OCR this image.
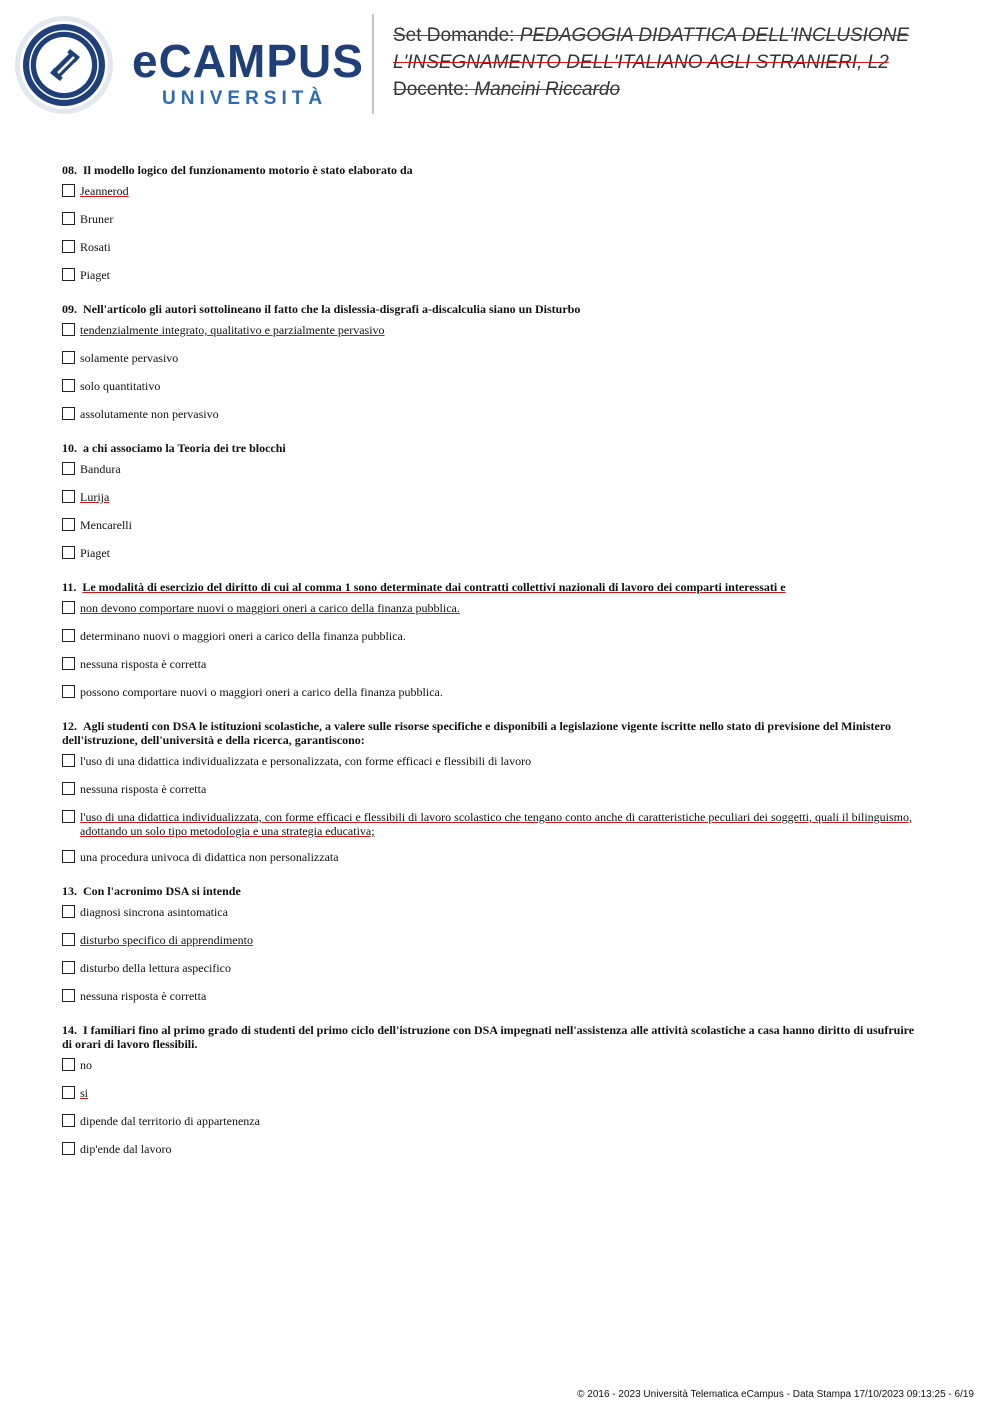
eCAMPUS
UNIVERSITÀ
Set Domande: PEDAGOGIA DIDATTICA DELL'INCLUSIONE
L'INSEGNAMENTO DELL'ITALIANO AGLI STRANIERI, L2
Docente: Mancini Riccardo
08. Il modello logico del funzionamento motorio è stato elaborato da
Jeannerod
Bruner
Rosati
Piaget
09. Nell'articolo gli autori sottolineano il fatto che la dislessia-disgrafi a-discalculia siano un Disturbo
tendenzialmente integrato, qualitativo e parzialmente pervasivo
solamente pervasivo
solo quantitativo
assolutamente non pervasivo
10. a chi associamo la Teoria dei tre blocchi
Bandura
Lurija
Mencarelli
Piaget
11. Le modalità di esercizio del diritto di cui al comma 1 sono determinate dai contratti collettivi nazionali di lavoro dei comparti interessati e
non devono comportare nuovi o maggiori oneri a carico della finanza pubblica.
determinano nuovi o maggiori oneri a carico della finanza pubblica.
nessuna risposta è corretta
possono comportare nuovi o maggiori oneri a carico della finanza pubblica.
12. Agli studenti con DSA le istituzioni scolastiche, a valere sulle risorse specifiche e disponibili a legislazione vigente iscritte nello stato di previsione del Ministero dell'istruzione, dell'università e della ricerca, garantiscono:
l'uso di una didattica individualizzata e personalizzata, con forme efficaci e flessibili di lavoro
nessuna risposta è corretta
l'uso di una didattica individualizzata, con forme efficaci e flessibili di lavoro scolastico che tengano conto anche di caratteristiche peculiari dei soggetti, quali il bilinguismo, adottando un solo tipo metodologia e una strategia educativa;
una procedura univoca di didattica non personalizzata
13. Con l'acronimo DSA si intende
diagnosi sincrona asintomatica
disturbo specifico di apprendimento
disturbo della lettura aspecifico
nessuna risposta è corretta
14. I familiari fino al primo grado di studenti del primo ciclo dell'istruzione con DSA impegnati nell'assistenza alle attività scolastiche a casa hanno diritto di usufruire di orari di lavoro flessibili.
no
si
dipende dal territorio di appartenenza
dip'ende dal lavoro
© 2016 - 2023 Università Telematica eCampus - Data Stampa 17/10/2023 09:13:25 - 6/19
